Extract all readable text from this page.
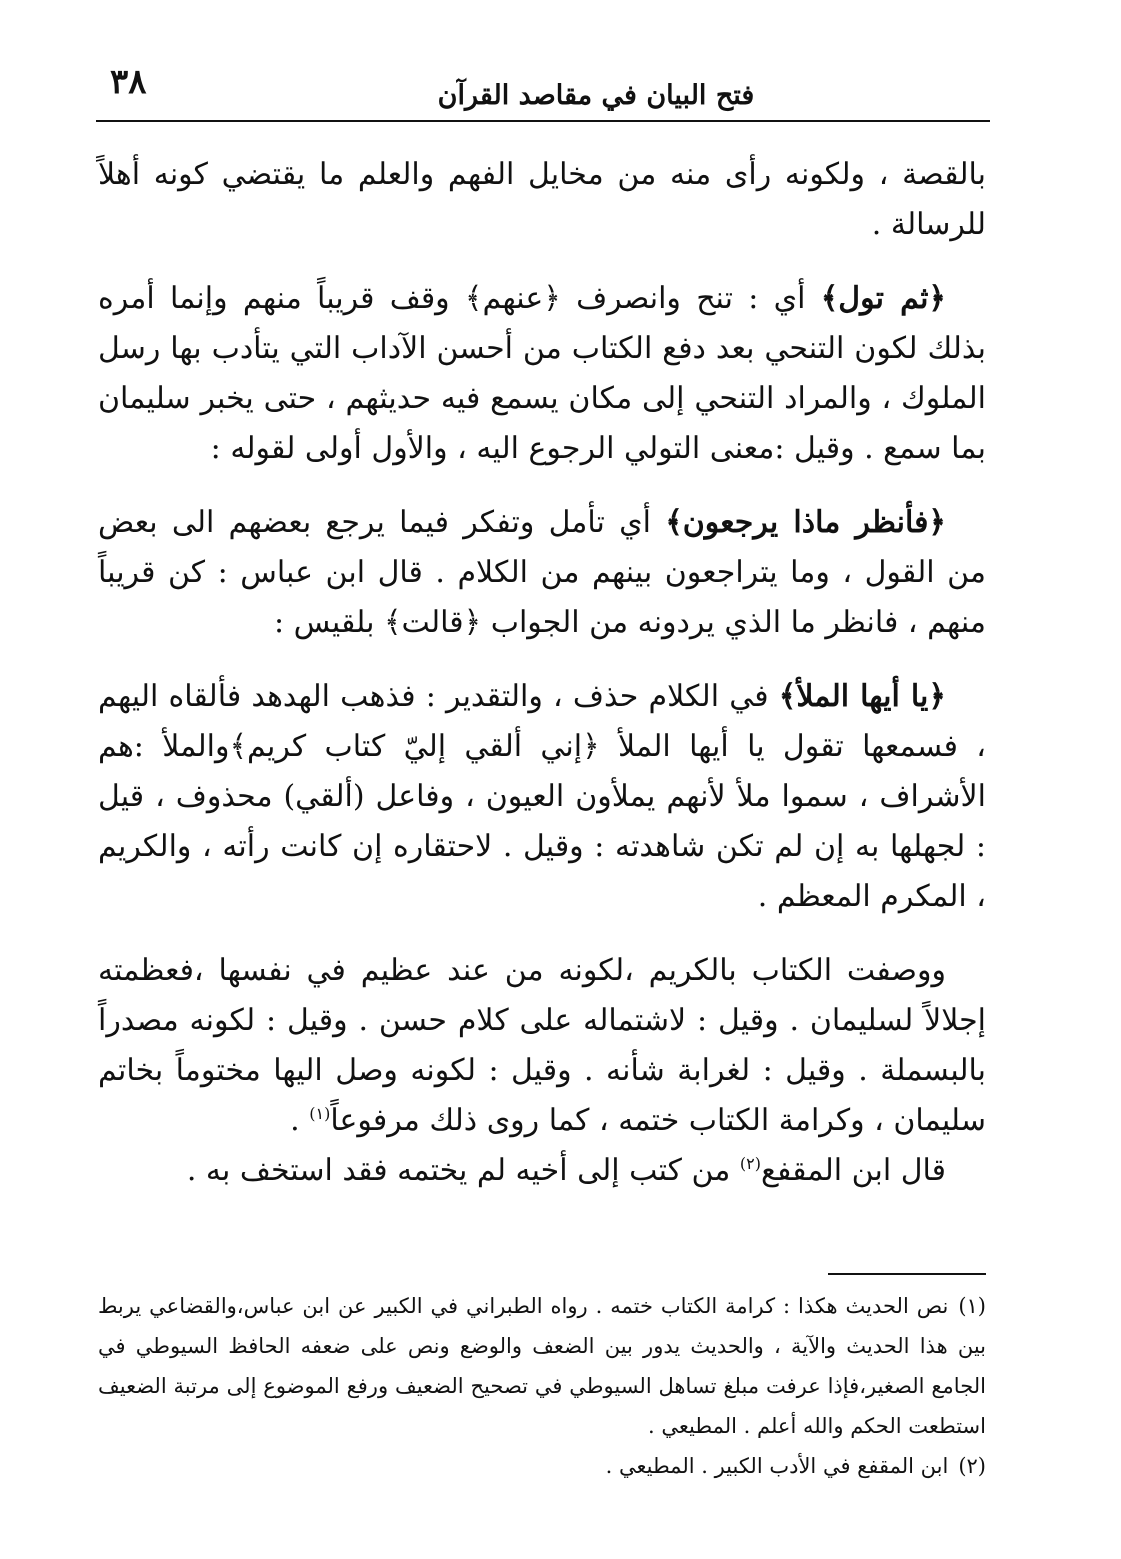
٣٨	فتح البيان في مقاصد القرآن

بالقصة ، ولكونه رأى منه من مخايل الفهم والعلم ما يقتضي كونه أهلاً للرسالة .

﴿ثم تول﴾ أي : تنح وانصرف ﴿عنهم﴾ وقف قريباً منهم وإنما أمره بذلك لكون التنحي بعد دفع الكتاب من أحسن الآداب التي يتأدب بها رسل الملوك ، والمراد التنحي إلى مكان يسمع فيه حديثهم ، حتى يخبر سليمان بما سمع . وقيل :معنى التولي الرجوع اليه ، والأول أولى لقوله :

﴿فأنظر ماذا يرجعون﴾ أي تأمل وتفكر فيما يرجع بعضهم الى بعض من القول ، وما يتراجعون بينهم من الكلام . قال ابن عباس : كن قريباً منهم ، فانظر ما الذي يردونه من الجواب ﴿قالت﴾ بلقيس :

﴿يا أيها الملأ﴾ في الكلام حذف ، والتقدير : فذهب الهدهد فألقاه اليهم ، فسمعها تقول يا أيها الملأ ﴿إني ألقي إليّ كتاب كريم﴾والملأ :هم الأشراف ، سموا ملأ لأنهم يملأون العيون ، وفاعل (ألقي) محذوف ، قيل : لجهلها به إن لم تكن شاهدته : وقيل . لاحتقاره إن كانت رأته ، والكريم ، المكرم المعظم .

ووصفت الكتاب بالكريم ،لكونه من عند عظيم في نفسها ،فعظمته إجلالاً لسليمان . وقيل : لاشتماله على كلام حسن . وقيل : لكونه مصدراً بالبسملة . وقيل : لغرابة شأنه . وقيل : لكونه وصل اليها مختوماً بخاتم سليمان ، وكرامة الكتاب ختمه ، كما روى ذلك مرفوعاً$^{(١)}$ .

قال ابن المقفع$^{(٢)}$ من كتب إلى أخيه لم يختمه فقد استخف به .

(١)نص الحديث هكذا : كرامة الكتاب ختمه . رواه الطبراني في الكبير عن ابن عباس،والقضاعي يربط بين هذا الحديث والآية ، والحديث يدور بين الضعف والوضع ونص على ضعفه الحافظ السيوطي في الجامع الصغير،فإذا عرفت مبلغ تساهل السيوطي في تصحيح الضعيف ورفع الموضوع إلى مرتبة الضعيف استطعت الحكم والله أعلم . المطيعي .

(٢)ابن المقفع في الأدب الكبير . المطيعي .
